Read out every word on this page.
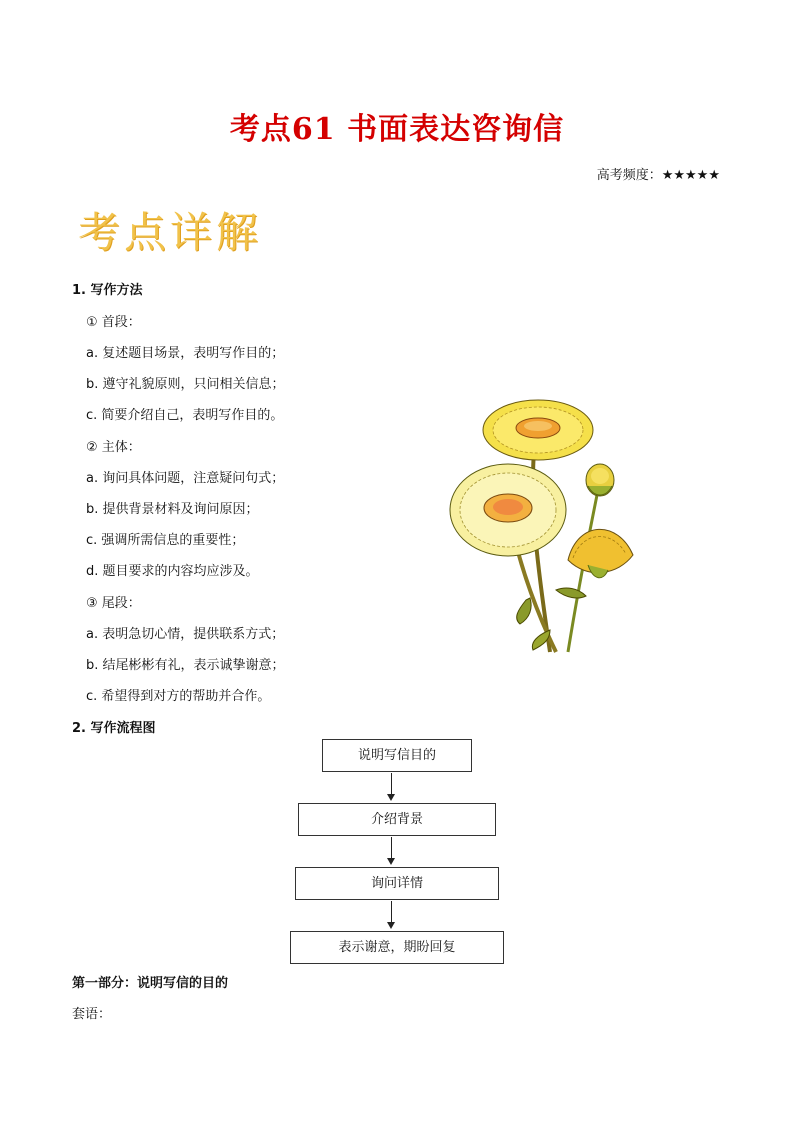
考点61 书面表达咨询信
高考频度：★★★★★
考点详解
1. 写作方法
① 首段：
a. 复述题目场景，表明写作目的；
b. 遵守礼貌原则，只问相关信息；
c. 简要介绍自己，表明写作目的。
② 主体：
a. 询问具体问题，注意疑问句式；
b. 提供背景材料及询问原因；
c. 强调所需信息的重要性；
d. 题目要求的内容均应涉及。
③ 尾段：
a. 表明急切心情，提供联系方式；
b. 结尾彬彬有礼，表示诚挚谢意；
c. 希望得到对方的帮助并合作。
2. 写作流程图
说明写信目的
介绍背景
询问详情
表示谢意，期盼回复
第一部分：说明写信的目的
套语：
